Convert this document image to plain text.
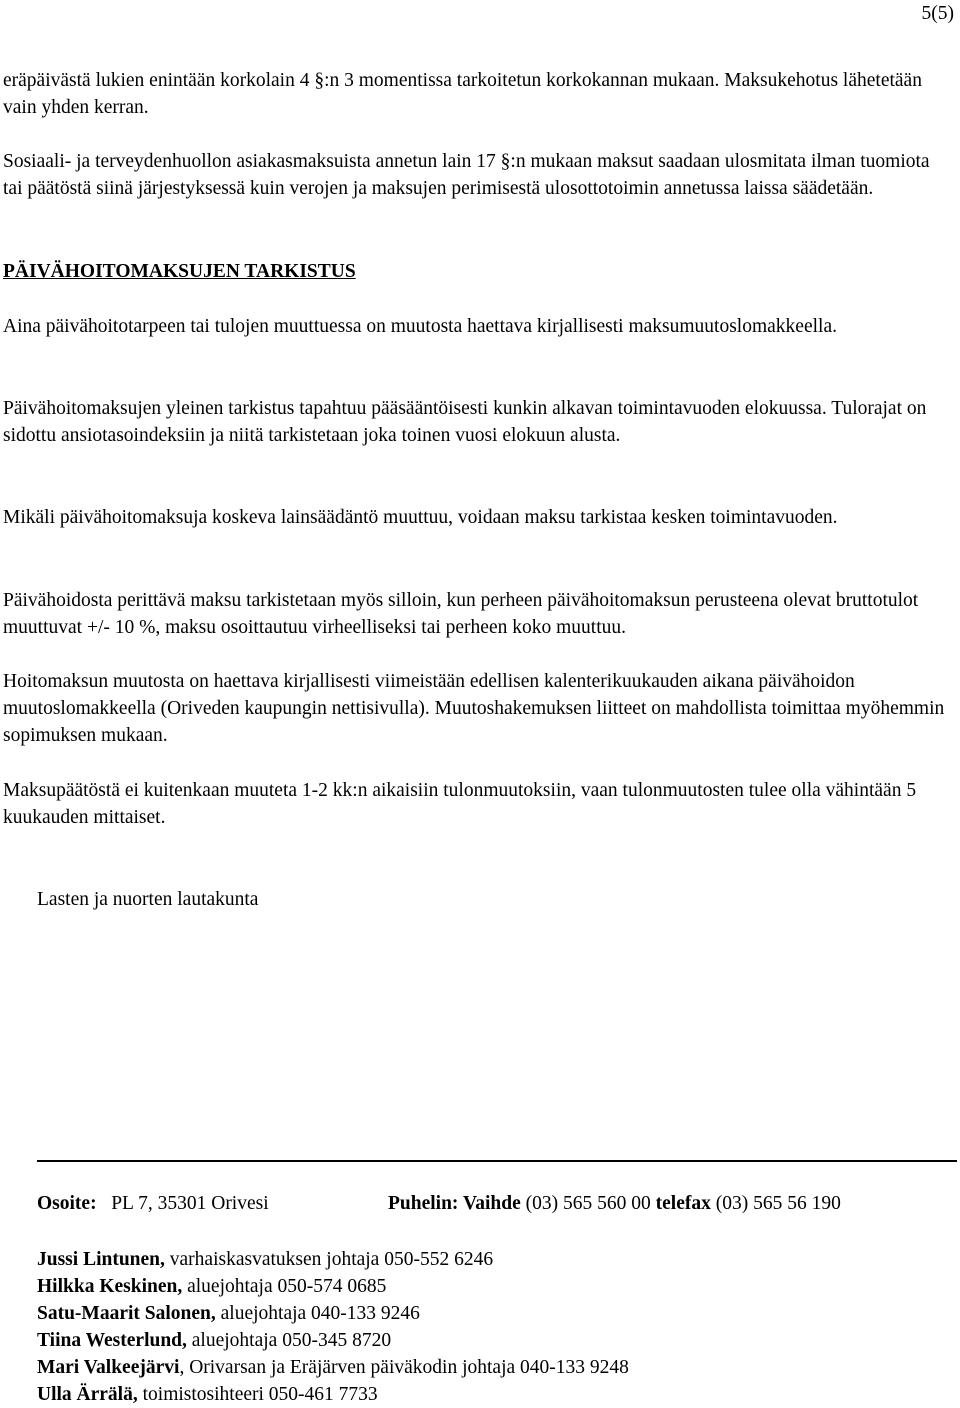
5(5)

eräpäivästä lukien enintään korkolain 4 §:n 3 momentissa tarkoitetun korkokannan mukaan. Maksukehotus lähetetään vain yhden kerran.

Sosiaali- ja terveydenhuollon asiakasmaksuista annetun lain 17 §:n mukaan maksut saadaan ulosmitata ilman tuomiota tai päätöstä siinä järjestyksessä kuin verojen ja maksujen perimisestä ulosottotoimin annetussa laissa säädetään.

PÄIVÄHOITOMAKSUJEN TARKISTUS

Aina päivähoitotarpeen tai tulojen muuttuessa on muutosta haettava kirjallisesti maksumuutoslomakkeella.

Päivähoitomaksujen yleinen tarkistus tapahtuu pääsääntöisesti kunkin alkavan toimintavuoden elokuussa. Tulorajat on sidottu ansiotasoindeksiin ja niitä tarkistetaan joka toinen vuosi elokuun alusta.

Mikäli päivähoitomaksuja koskeva lainsäädäntö muuttuu, voidaan maksu tarkistaa kesken toimintavuoden.

Päivähoidosta perittävä maksu tarkistetaan myös silloin, kun perheen päivähoitomaksun perusteena olevat bruttotulot muuttuvat +/- 10 %, maksu osoittautuu virheelliseksi tai perheen koko muuttuu.

Hoitomaksun muutosta on haettava kirjallisesti viimeistään edellisen kalenterikuukauden aikana päivähoidon muutoslomakkeella (Oriveden kaupungin nettisivulla). Muutoshakemuksen liitteet on mahdollista toimittaa myöhemmin sopimuksen mukaan.

Maksupäätöstä ei kuitenkaan muuteta 1-2 kk:n aikaisiin tulonmuutoksiin, vaan tulonmuutosten tulee olla vähintään 5 kuukauden mittaiset.

Lasten ja nuorten lautakunta
Osoite: PL 7, 35301 Orivesi	Puhelin: Vaihde (03) 565 560 00 telefax (03) 565 56 190
Jussi Lintunen, varhaiskasvatuksen johtaja 050-552 6246
Hilkka Keskinen, aluejohtaja 050-574 0685
Satu-Maarit Salonen, aluejohtaja 040-133 9246
Tiina Westerlund, aluejohtaja 050-345 8720
Mari Valkeejärvi, Orivarsan ja Eräjärven päiväkodin johtaja 040-133 9248
Ulla Ärrälä, toimistosihteeri 050-461 7733
